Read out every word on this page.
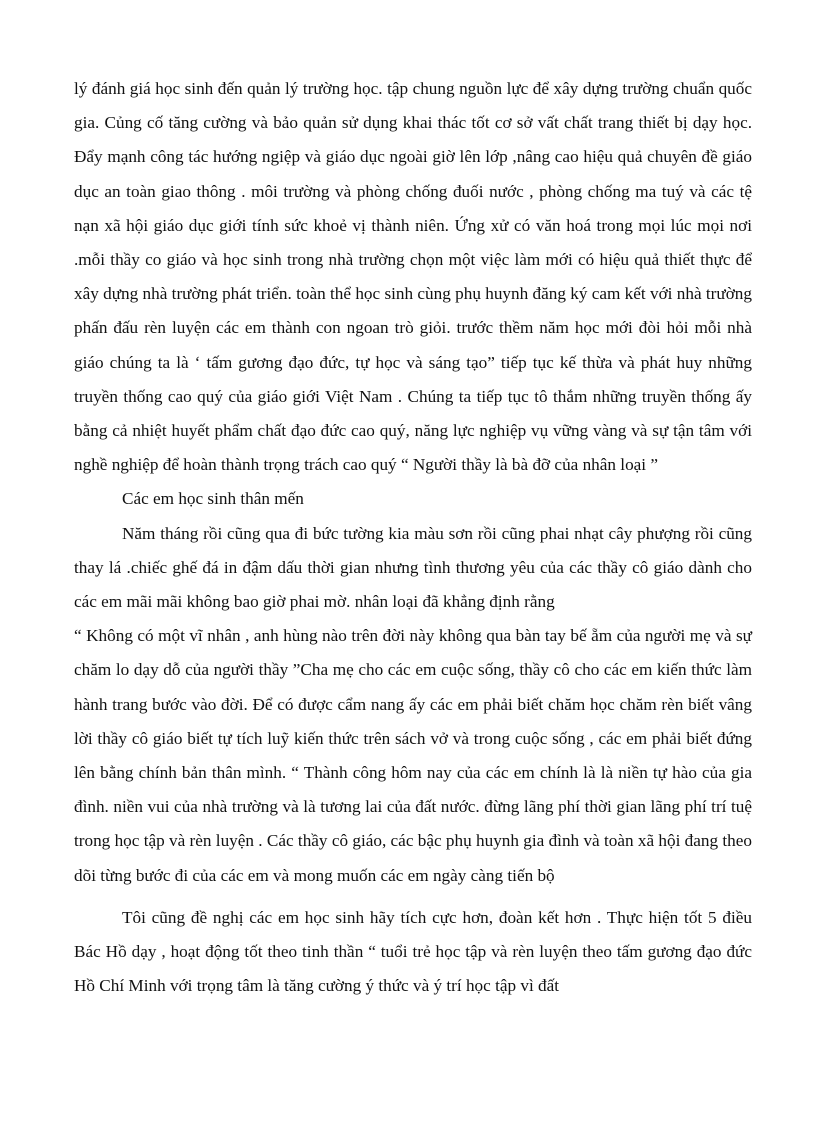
lý đánh giá học sinh đến quản lý trường học. tập chung nguồn lực để xây dựng trường chuẩn quốc gia. Củng cố tăng cường và bảo quản sử dụng khai thác tốt cơ sở vất chất trang thiết bị dạy học. Đẩy mạnh công tác hướng ngiệp và giáo dục ngoài giờ lên lớp ,nâng cao hiệu quả chuyên đề giáo dục an toàn giao thông . môi trường và phòng chống đuối nước , phòng chống ma tuý và các tệ nạn xã hội giáo dục giới tính sức khoẻ vị thành niên. Ứng xử có văn hoá trong mọi lúc mọi nơi .mỗi thầy co giáo và học sinh trong nhà trường chọn một việc làm mới có hiệu quả thiết thực để xây dựng nhà trường phát triển. toàn thể học sinh cùng phụ huynh đăng ký cam kết với nhà trường phấn đấu rèn luyện các em thành con ngoan trò giỏi. trước thềm năm học mới đòi hỏi mỗi nhà giáo chúng ta là ‘ tấm gương đạo đức, tự học và sáng tạo” tiếp tục kế thừa và phát huy những truyền thống cao quý của giáo giới Việt Nam . Chúng ta tiếp tục tô thắm những truyền thống ấy bằng cả nhiệt huyết phẩm chất đạo đức cao quý, năng lực nghiệp vụ vững vàng và sự tận tâm với nghề nghiệp để hoàn thành trọng trách cao quý “ Người thầy là bà đỡ của nhân loại ”

Các em học sinh thân mến

Năm tháng rồi cũng qua đi bức tường kia màu sơn rồi cũng phai nhạt cây phượng rồi cũng thay lá .chiếc ghế đá in đậm dấu thời gian nhưng tình thương yêu của các thầy cô giáo dành cho các em mãi mãi không bao giờ phai mờ. nhân loại đã khẳng định rằng

“ Không có một vĩ nhân , anh hùng nào trên đời này không qua bàn tay bế ẵm của người mẹ và sự chăm lo dạy dỗ của người thầy ”Cha mẹ cho các em cuộc sống, thầy cô cho các em kiến thức làm hành trang bước vào đời. Để có được cẩm nang ấy các em phải biết chăm học chăm rèn biết vâng lời thầy cô giáo biết tự tích luỹ kiến thức trên sách vở và trong cuộc sống , các em phải biết đứng lên bằng chính bản thân mình. “ Thành công hôm nay của các em chính là là niền tự hào của gia đình. niền vui của nhà trường và là tương lai của đất nước. đừng lãng phí thời gian lãng phí trí tuệ trong học tập và rèn luyện . Các thầy cô giáo, các bậc phụ huynh gia đình và toàn xã hội đang theo dõi từng bước đi của các em và mong muốn các em ngày càng tiến bộ

Tôi cũng đề nghị các em học sinh hãy tích cực hơn, đoàn kết hơn . Thực hiện tốt 5 điều Bác Hồ dạy , hoạt động tốt theo tinh thần “ tuổi trẻ học tập và rèn luyện theo tấm gương đạo đức Hồ Chí Minh với trọng tâm là tăng cường ý thức và ý trí học tập vì đất
